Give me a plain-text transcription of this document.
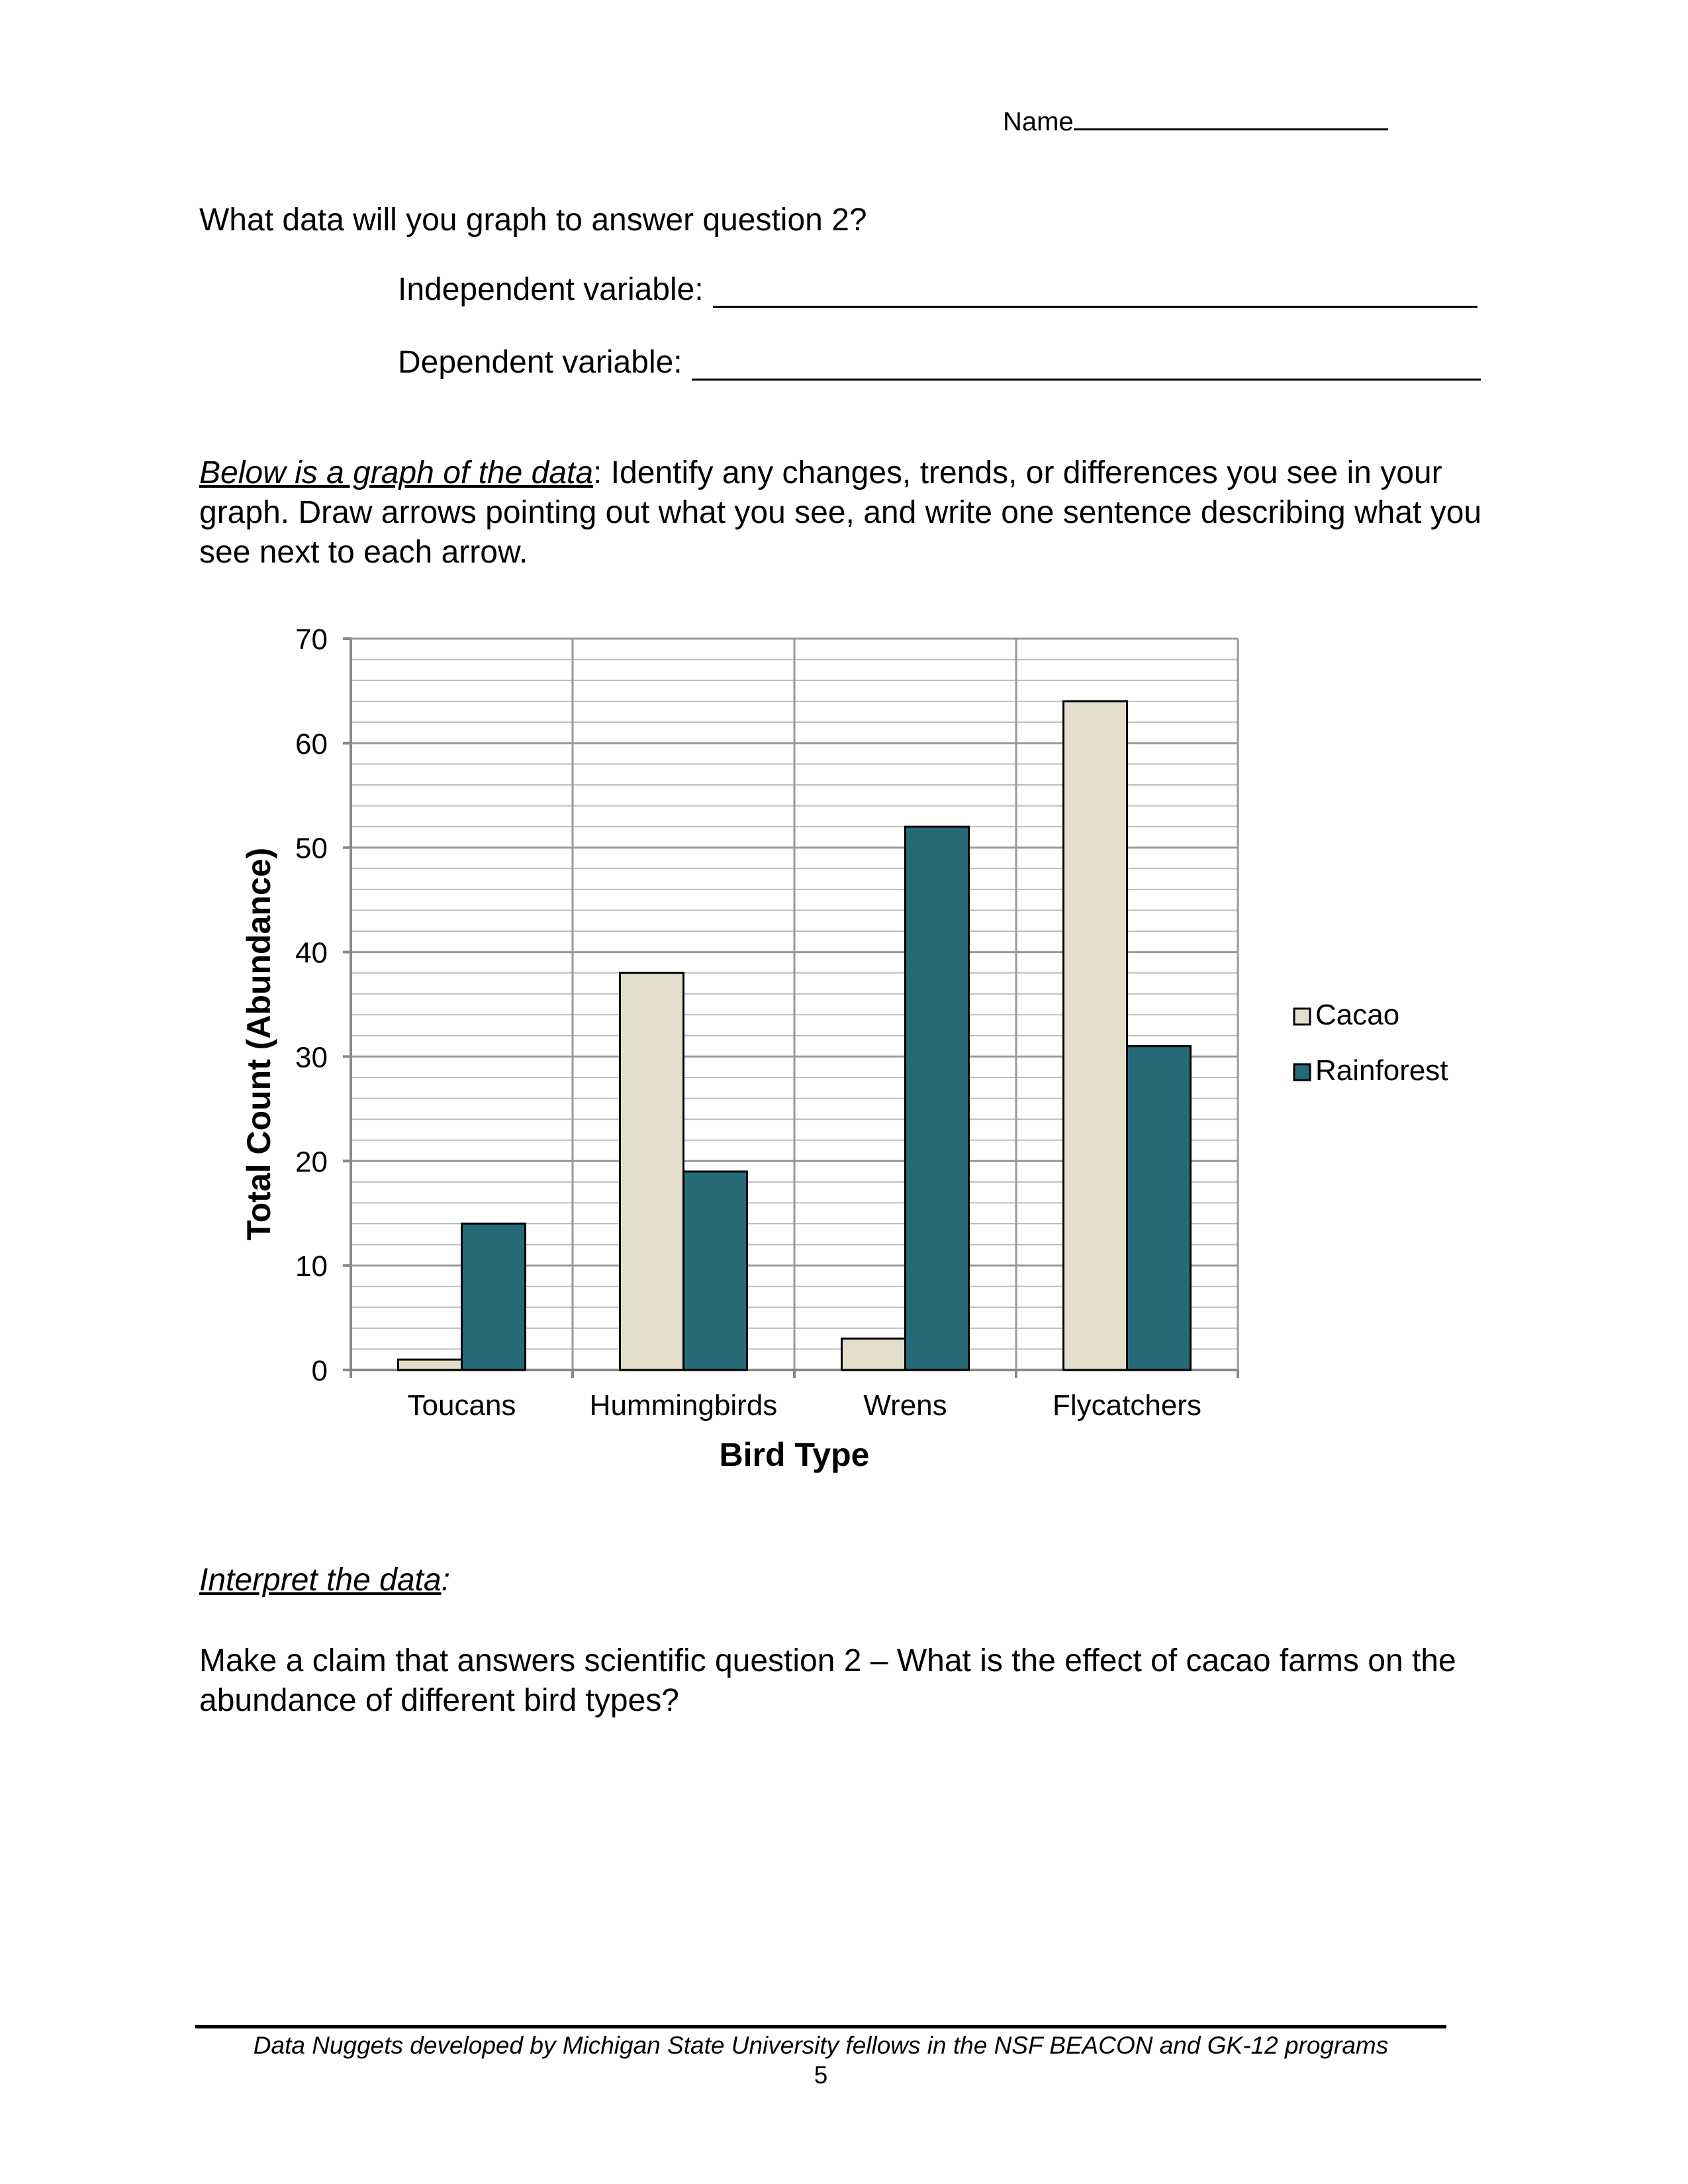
Name
What data will you graph to answer question 2?
Independent variable:
Dependent variable:
Below is a graph of the data: Identify any changes, trends, or differences you see in your graph. Draw arrows pointing out what you see, and write one sentence describing what you see next to each arrow.
0
10
20
30
40
50
60
70
Toucans	Hummingbirds	Wrens	Flycatchers
Bird Type
Total Count (Abundance)	Cacao
Rainforest
Interpret the data:
Make a claim that answers scientific question 2 – What is the effect of cacao farms on the abundance of different bird types?
Data Nuggets developed by Michigan State University fellows in the NSF BEACON and GK-12 programs
5
